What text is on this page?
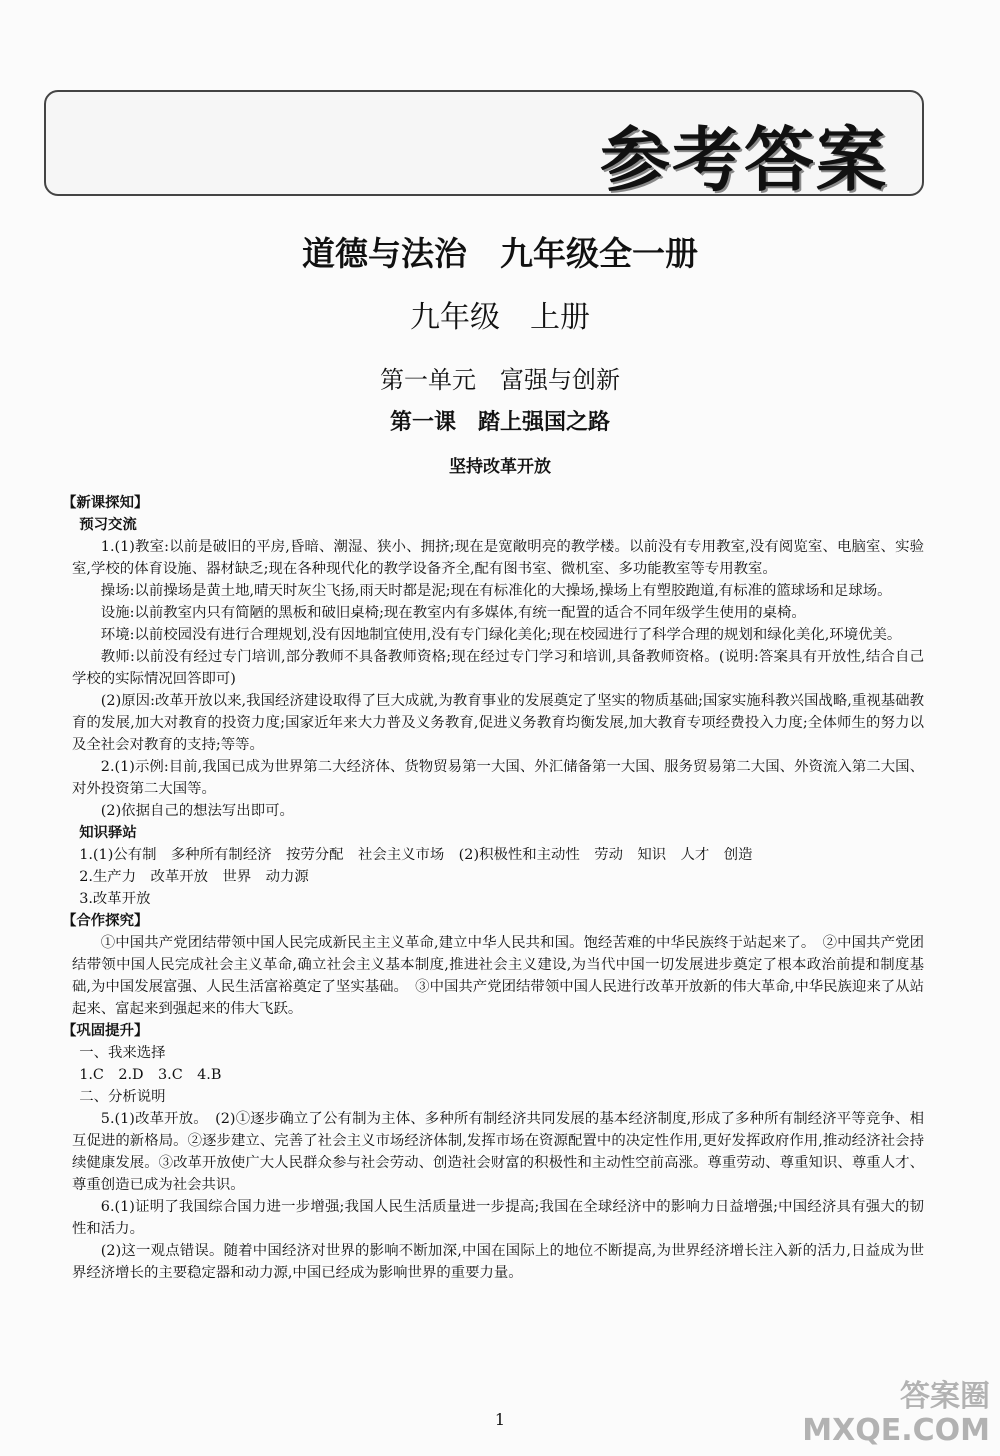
参考答案
道德与法治　九年级全一册
九年级　上册
第一单元　富强与创新
第一课　踏上强国之路
坚持改革开放

【新课探知】

预习交流

1.(1)教室:以前是破旧的平房,昏暗、潮湿、狭小、拥挤;现在是宽敞明亮的教学楼。以前没有专用教室,没有阅览室、电脑室、实验室,学校的体育设施、器材缺乏;现在各种现代化的教学设备齐全,配有图书室、微机室、多功能教室等专用教室。

操场:以前操场是黄土地,晴天时灰尘飞扬,雨天时都是泥;现在有标准化的大操场,操场上有塑胶跑道,有标准的篮球场和足球场。

设施:以前教室内只有简陋的黑板和破旧桌椅;现在教室内有多媒体,有统一配置的适合不同年级学生使用的桌椅。

环境:以前校园没有进行合理规划,没有因地制宜使用,没有专门绿化美化;现在校园进行了科学合理的规划和绿化美化,环境优美。

教师:以前没有经过专门培训,部分教师不具备教师资格;现在经过专门学习和培训,具备教师资格。(说明:答案具有开放性,结合自己学校的实际情况回答即可)

(2)原因:改革开放以来,我国经济建设取得了巨大成就,为教育事业的发展奠定了坚实的物质基础;国家实施科教兴国战略,重视基础教育的发展,加大对教育的投资力度;国家近年来大力普及义务教育,促进义务教育均衡发展,加大教育专项经费投入力度;全体师生的努力以及全社会对教育的支持;等等。

2.(1)示例:目前,我国已成为世界第二大经济体、货物贸易第一大国、外汇储备第一大国、服务贸易第二大国、外资流入第二大国、对外投资第二大国等。

(2)依据自己的想法写出即可。

知识驿站

1.(1)公有制　多种所有制经济　按劳分配　社会主义市场　(2)积极性和主动性　劳动　知识　人才　创造

2.生产力　改革开放　世界　动力源

3.改革开放

【合作探究】

①中国共产党团结带领中国人民完成新民主主义革命,建立中华人民共和国。饱经苦难的中华民族终于站起来了。　②中国共产党团结带领中国人民完成社会主义革命,确立社会主义基本制度,推进社会主义建设,为当代中国一切发展进步奠定了根本政治前提和制度基础,为中国发展富强、人民生活富裕奠定了坚实基础。　③中国共产党团结带领中国人民进行改革开放新的伟大革命,中华民族迎来了从站起来、富起来到强起来的伟大飞跃。

【巩固提升】

一、我来选择

1.C　2.D　3.C　4.B

二、分析说明

5.(1)改革开放。　(2)①逐步确立了公有制为主体、多种所有制经济共同发展的基本经济制度,形成了多种所有制经济平等竞争、相互促进的新格局。②逐步建立、完善了社会主义市场经济体制,发挥市场在资源配置中的决定性作用,更好发挥政府作用,推动经济社会持续健康发展。③改革开放使广大人民群众参与社会劳动、创造社会财富的积极性和主动性空前高涨。尊重劳动、尊重知识、尊重人才、尊重创造已成为社会共识。

6.(1)证明了我国综合国力进一步增强;我国人民生活质量进一步提高;我国在全球经济中的影响力日益增强;中国经济具有强大的韧性和活力。

(2)这一观点错误。随着中国经济对世界的影响不断加深,中国在国际上的地位不断提高,为世界经济增长注入新的活力,日益成为世界经济增长的主要稳定器和动力源,中国已经成为影响世界的重要力量。

1
答案圈
MXQE.COM
